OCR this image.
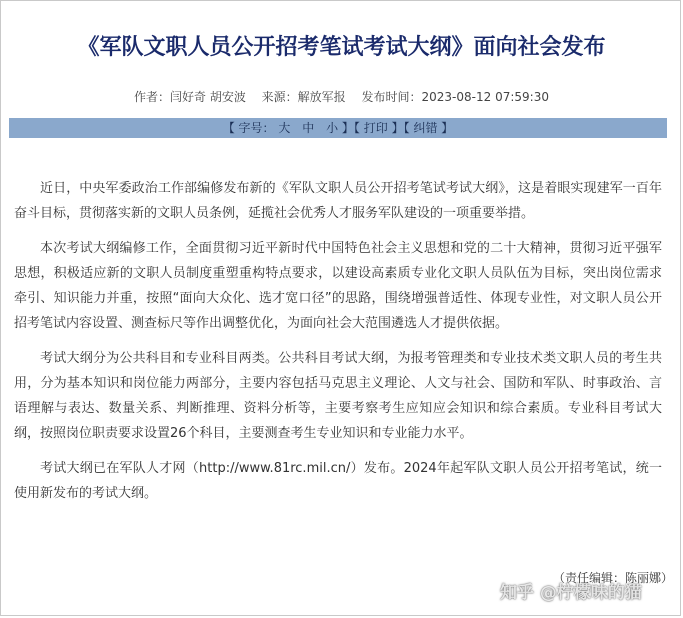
《军队文职人员公开招考笔试考试大纲》面向社会发布
作者：闫好奇 胡安波 来源：解放军报 发布时间：2023-08-12 07:59:30
【 字号： 大 中 小 】【 打印 】【 纠错 】

近日，中央军委政治工作部编修发布新的《军队文职人员公开招考笔试考试大纲》，这是着眼实现建军一百年奋斗目标，贯彻落实新的文职人员条例，延揽社会优秀人才服务军队建设的一项重要举措。

本次考试大纲编修工作，全面贯彻习近平新时代中国特色社会主义思想和党的二十大精神，贯彻习近平强军思想，积极适应新的文职人员制度重塑重构特点要求，以建设高素质专业化文职人员队伍为目标，突出岗位需求牵引、知识能力并重，按照“面向大众化、选才宽口径”的思路，围绕增强普适性、体现专业性，对文职人员公开招考笔试内容设置、测查标尺等作出调整优化，为面向社会大范围遴选人才提供依据。

考试大纲分为公共科目和专业科目两类。公共科目考试大纲，为报考管理类和专业技术类文职人员的考生共用，分为基本知识和岗位能力两部分，主要内容包括马克思主义理论、人文与社会、国防和军队、时事政治、言语理解与表达、数量关系、判断推理、资料分析等，主要考察考生应知应会知识和综合素质。专业科目考试大纲，按照岗位职责要求设置26个科目，主要测查考生专业知识和专业能力水平。

考试大纲已在军队人才网（http://www.81rc.mil.cn/）发布。2024年起军队文职人员公开招考笔试，统一使用新发布的考试大纲。

（责任编辑：陈丽娜）
知乎 @柠檬味的猫
